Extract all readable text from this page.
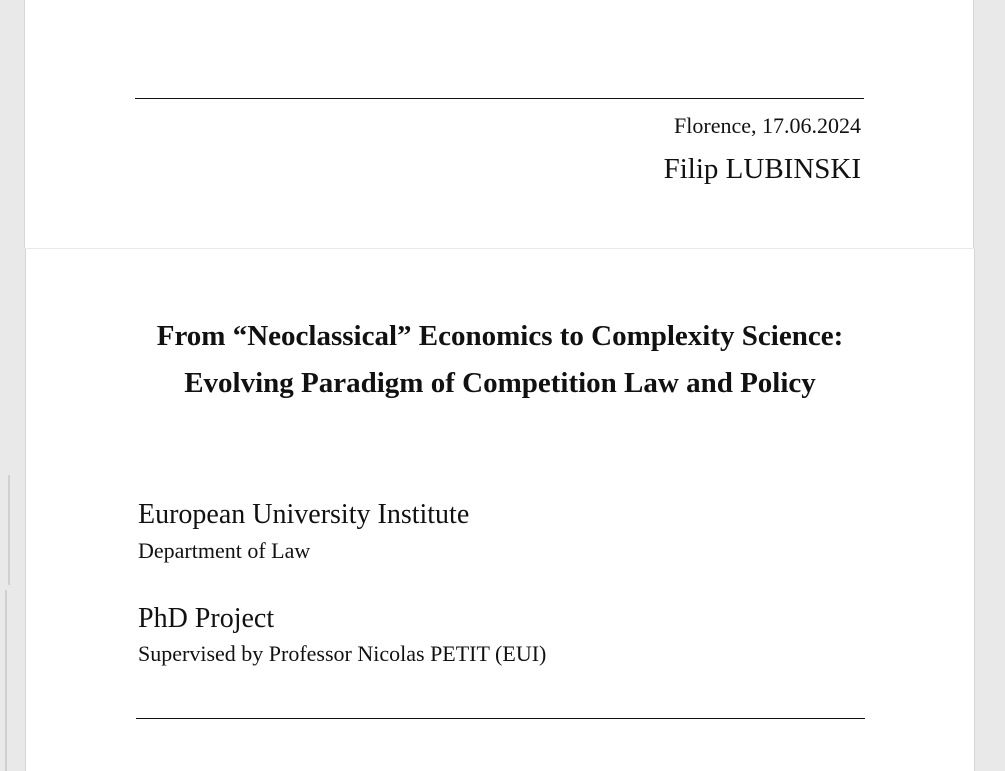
Florence, 17.06.2024
Filip LUBINSKI
From “Neoclassical” Economics to Complexity Science:
Evolving Paradigm of Competition Law and Policy
European University Institute
Department of Law
PhD Project
Supervised by Professor Nicolas PETIT (EUI)
